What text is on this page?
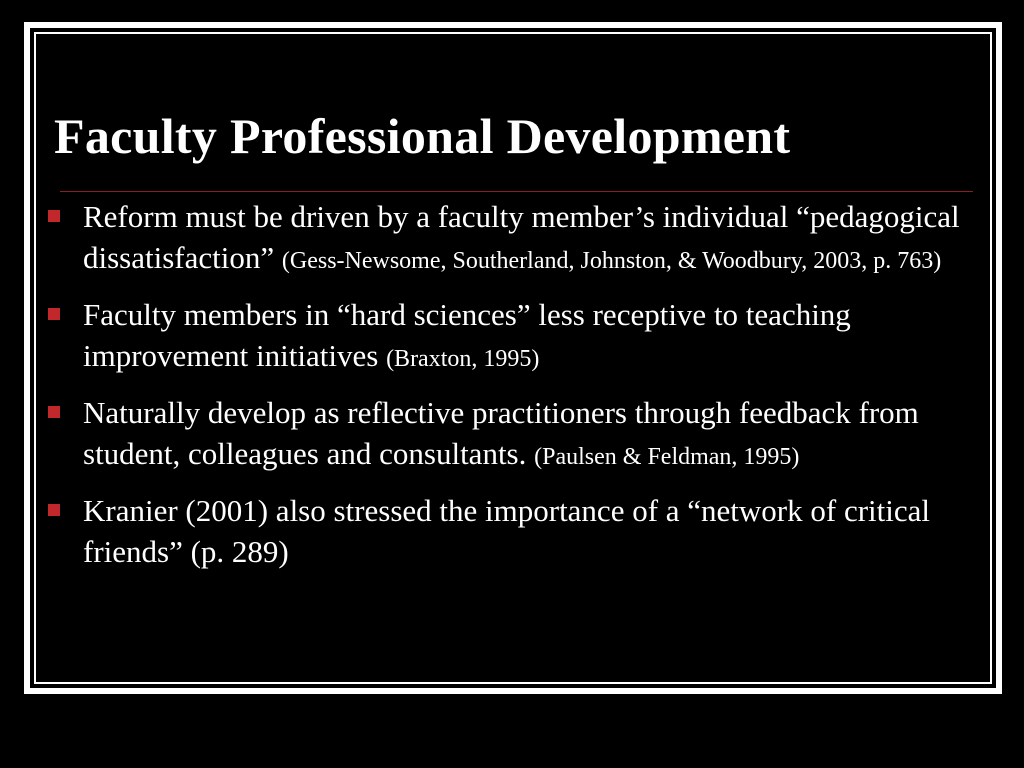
Faculty Professional Development
Reform must be driven by a faculty member’s individual “pedagogical dissatisfaction” (Gess-Newsome, Southerland, Johnston, & Woodbury, 2003, p. 763)
Faculty members in “hard sciences” less receptive to teaching improvement initiatives (Braxton, 1995)
Naturally develop as reflective practitioners through feedback from student, colleagues and consultants. (Paulsen & Feldman, 1995)
Kranier (2001) also stressed the importance of a “network of critical friends” (p. 289)
